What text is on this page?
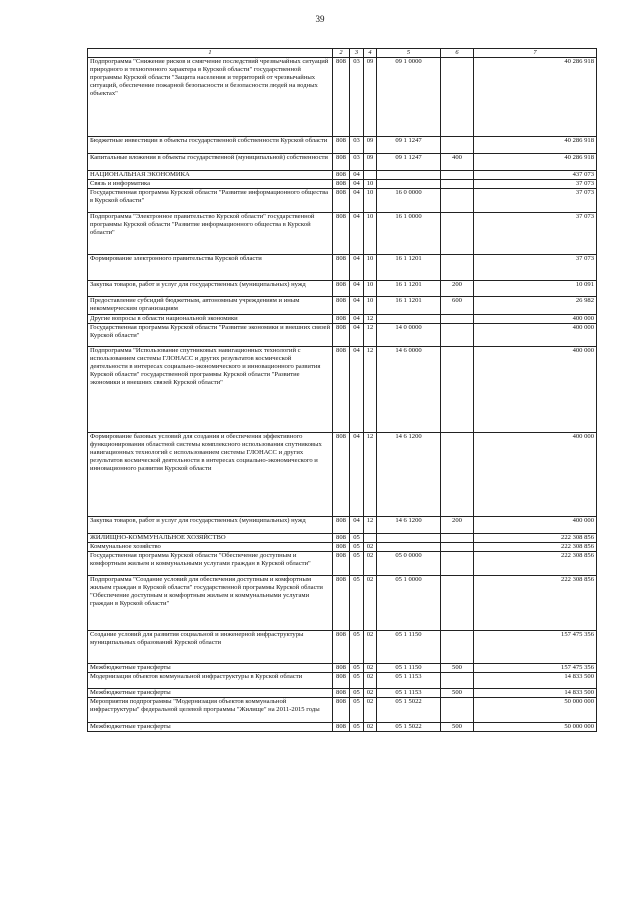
39
1	2	3	4	5	6	7
Подпрограмма "Снижение рисков и смягчение последствий чрезвычайных ситуаций природного и техногенного характера в Курской области" государственной программы Курской области "Защита населения и территорий от чрезвычайных ситуаций, обеспечение пожарной безопасности и безопасности людей на водных объектах"	808	03	09	09 1 0000		40 286 918
Бюджетные инвестиции в объекты государственной собственности Курской области	808	03	09	09 1 1247		40 286 918
Капитальные вложения в объекты государственной (муниципальной) собственности	808	03	09	09 1 1247	400	40 286 918
НАЦИОНАЛЬНАЯ ЭКОНОМИКА	808	04				437 073
Связь и информатика	808	04	10			37 073
Государственная программа Курской области "Развитие информационного общества в Курской области"	808	04	10	16 0 0000		37 073
Подпрограмма "Электронное правительство Курской области" государственной программы Курской области "Развитие информационного общества в Курской области"	808	04	10	16 1 0000		37 073
Формирование электронного правительства Курской области	808	04	10	16 1 1201		37 073
Закупка товаров, работ и услуг для государственных (муниципальных) нужд	808	04	10	16 1 1201	200	10 091
Предоставление субсидий бюджетным, автономным учреждениям и иным некоммерческим организациям	808	04	10	16 1 1201	600	26 982
Другие вопросы в области национальной экономики	808	04	12			400 000
Государственная программа Курской области "Развитие экономики и внешних связей Курской области"	808	04	12	14 0 0000		400 000
Подпрограмма "Использование спутниковых навигационных технологий с использованием системы ГЛОНАСС и других результатов космической деятельности в интересах социально-экономического и инновационного развития Курской области" государственной программы Курской области "Развитие экономики и внешних связей Курской области"	808	04	12	14 6 0000		400 000
Формирование базовых условий для создания и обеспечения эффективного функционирования областной системы комплексного использования спутниковых навигационных технологий с использованием системы ГЛОНАСС и других результатов космической деятельности в интересах социально-экономического и инновационного развития Курской области	808	04	12	14 6 1200		400 000
Закупка товаров, работ и услуг для государственных (муниципальных) нужд	808	04	12	14 6 1200	200	400 000
ЖИЛИЩНО-КОММУНАЛЬНОЕ ХОЗЯЙСТВО	808	05				222 308 856
Коммунальное хозяйство	808	05	02			222 308 856
Государственная программа Курской области "Обеспечение доступным и комфортным жильем и коммунальными услугами граждан в Курской области"	808	05	02	05 0 0000		222 308 856
Подпрограмма "Создание условий для обеспечения доступным и комфортным жильем граждан в Курской области" государственной программы Курской области "Обеспечение доступным и комфортным жильем и коммунальными услугами граждан в Курской области"	808	05	02	05 1 0000		222 308 856
Создание условий для развития социальной и инженерной инфраструктуры муниципальных образований Курской области	808	05	02	05 1 1150		157 475 356
Межбюджетные трансферты	808	05	02	05 1 1150	500	157 475 356
Модернизация объектов коммунальной инфраструктуры в Курской области	808	05	02	05 1 1153		14 833 500
Межбюджетные трансферты	808	05	02	05 1 1153	500	14 833 500
Мероприятия подпрограммы "Модернизация объектов коммунальной инфраструктуры" федеральной целевой программы "Жилище" на 2011-2015 годы	808	05	02	05 1 5022		50 000 000
Межбюджетные трансферты	808	05	02	05 1 5022	500	50 000 000
